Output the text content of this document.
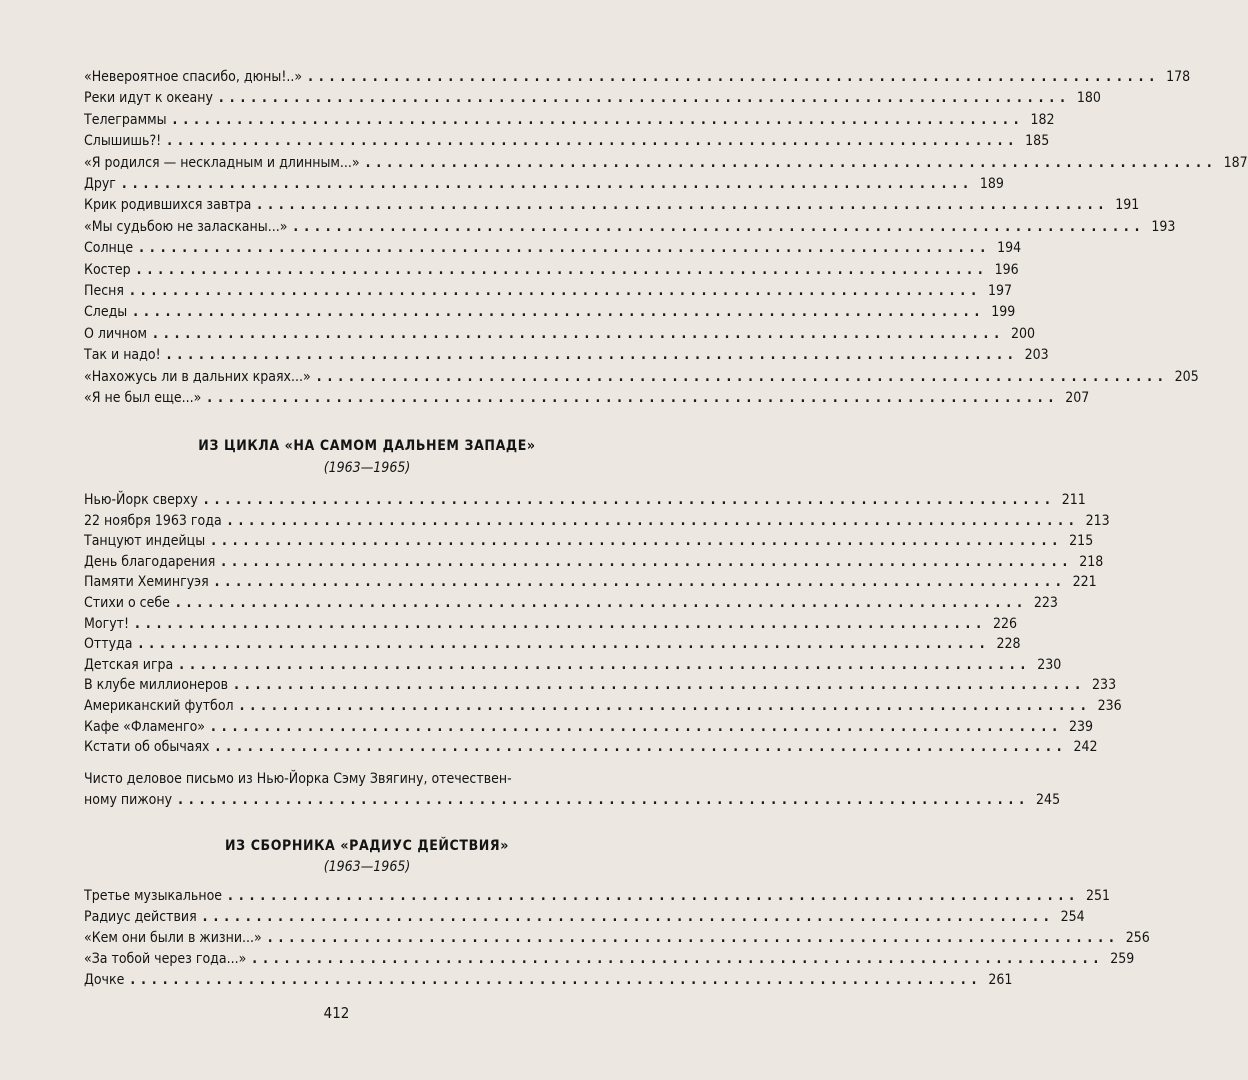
«Невероятное спасибо, дюны!..» ............................................................................... 178
Реки идут к океану ............................................................................... 180
Телеграммы ............................................................................... 182
Слышишь?! ............................................................................... 185
«Я родился — нескладным и длинным...» ............................................................................... 187
Друг ............................................................................... 189
Крик родившихся завтра ............................................................................... 191
«Мы судьбою не заласканы...» ............................................................................... 193
Солнце ............................................................................... 194
Костер ............................................................................... 196
Песня ............................................................................... 197
Следы ............................................................................... 199
О личном ............................................................................... 200
Так и надо! ............................................................................... 203
«Нахожусь ли в дальних краях...» ............................................................................... 205
«Я не был еще...» ............................................................................... 207
ИЗ ЦИКЛА «НА САМОМ ДАЛЬНЕМ ЗАПАДЕ»
(1963—1965)
Нью-Йорк сверху ............................................................................... 211
22 ноября 1963 года ............................................................................... 213
Танцуют индейцы ............................................................................... 215
День благодарения ............................................................................... 218
Памяти Хемингуэя ............................................................................... 221
Стихи о себе ............................................................................... 223
Могут! ............................................................................... 226
Оттуда ............................................................................... 228
Детская игра ............................................................................... 230
В клубе миллионеров ............................................................................... 233
Американский футбол ............................................................................... 236
Кафе «Фламенго» ............................................................................... 239
Кстати об обычаях ............................................................................... 242
Чисто деловое письмо из Нью-Йорка Сэму Звягину, отечествен-
ному пижону ............................................................................... 245
ИЗ СБОРНИКА «РАДИУС ДЕЙСТВИЯ»
(1963—1965)
Третье музыкальное ............................................................................... 251
Радиус действия ............................................................................... 254
«Кем они были в жизни...» ............................................................................... 256
«За тобой через года...» ............................................................................... 259
Дочке ............................................................................... 261
412
